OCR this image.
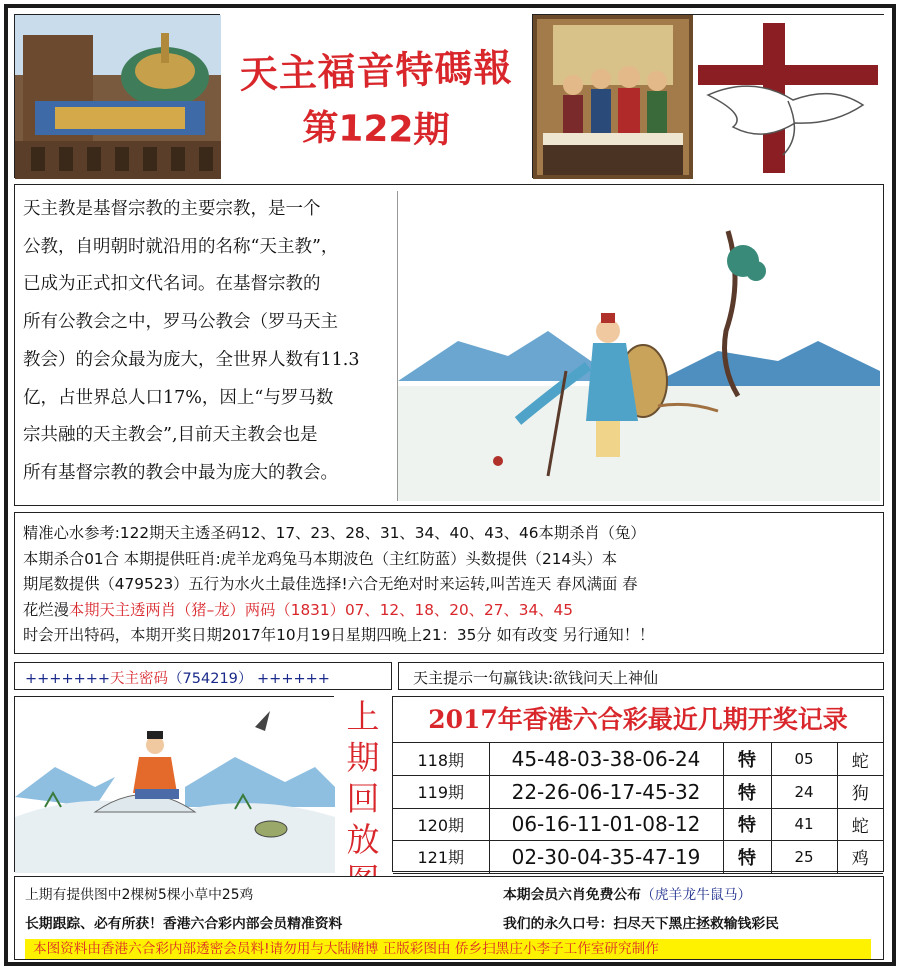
天主福音特碼報
第122期
天主教是基督宗教的主要宗教，是一个
公教，自明朝时就沿用的名称“天主教”，
已成为正式扣文代名词。在基督宗教的
所有公教会之中，罗马公教会（罗马天主
教会）的会众最为庞大，全世界人数有11.3
亿，占世界总人口17%，因上“与罗马数
宗共融的天主教会”,目前天主教会也是
所有基督宗教的教会中最为庞大的教会。
精准心水参考:122期天主透圣码12、17、23、28、31、34、40、43、46本期杀肖（兔）
本期杀合01合 本期提供旺肖:虎羊龙鸡兔马本期波色（主红防蓝）头数提供（214头）本
期尾数提供（479523）五行为水火土最佳选择!六合无绝对时来运转,叫苦连天 春风满面 春
花烂漫本期天主透两肖（猪–龙）两码（1831）07、12、18、20、27、34、45
时会开出特码，本期开奖日期2017年10月19日星期四晚上21：35分 如有改变 另行通知！！
+++++++天主密码（754219） ++++++	天主提示一句赢钱诀:欲钱问天上神仙
上
期
回
放
2017年香港六合彩最近几期开奖记录
118期	45-48-03-38-06-24	特	05	蛇
119期	22-26-06-17-45-32	特	24	狗
120期	06-16-11-01-08-12	特	41	蛇
121期	02-30-04-35-47-19	特	25	鸡
上期有提供图中2棵树5棵小草中25鸡	本期会员六肖免费公布（虎羊龙牛鼠马）
长期跟踪、必有所获！香港六合彩内部会员精准资料	我们的永久口号：扫尽天下黑庄拯救输钱彩民
本图资料由香港六合彩内部透密会员料!请勿用与大陆赌博 正版彩图由 侨乡扫黑庄小李子工作室研究制作
